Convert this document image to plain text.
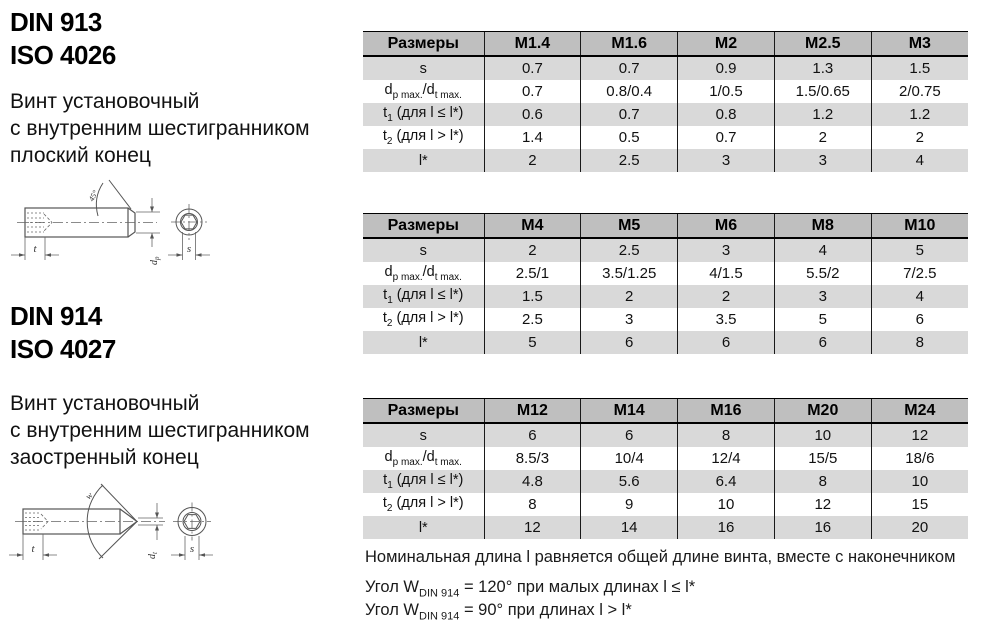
DIN 913
ISO 4026
Винт установочный
с внутренним шестигранником
плоский конец
t	s
45°
$d_p$
DIN 914
ISO 4027
Винт установочный
с внутренним шестигранником
заостренный конец
t	s
w
$d_t$
Размеры	M1.4	M1.6	M2	M2.5	M3
s	0.7	0.7	0.9	1.3	1.5
$d_{p max.}/d_{t max.}$	0.7	0.8/0.4	1/0.5	1.5/0.65	2/0.75
$t_1$ (для l ≤ l*)	0.6	0.7	0.8	1.2	1.2
$t_2$ (для l > l*)	1.4	0.5	0.7	2	2
l*	2	2.5	3	3	4
Размеры	M4	M5	M6	M8	M10
s	2	2.5	3	4	5
$d_{p max.}/d_{t max.}$	2.5/1	3.5/1.25	4/1.5	5.5/2	7/2.5
$t_1$ (для l ≤ l*)	1.5	2	2	3	4
$t_2$ (для l > l*)	2.5	3	3.5	5	6
l*	5	6	6	6	8
Размеры	M12	M14	M16	M20	M24
s	6	6	8	10	12
$d_{p max.}/d_{t max.}$	8.5/3	10/4	12/4	15/5	18/6
$t_1$ (для l ≤ l*)	4.8	5.6	6.4	8	10
$t_2$ (для l > l*)	8	9	10	12	15
l*	12	14	16	16	20
Номинальная длина l равняется общей длине винта, вместе с наконечником
Угол $W_{DIN 914} = 120^\circ$ при малых длинах l ≤ l*
Угол $W_{DIN 914} = 90^\circ$ при длинах l > l*
